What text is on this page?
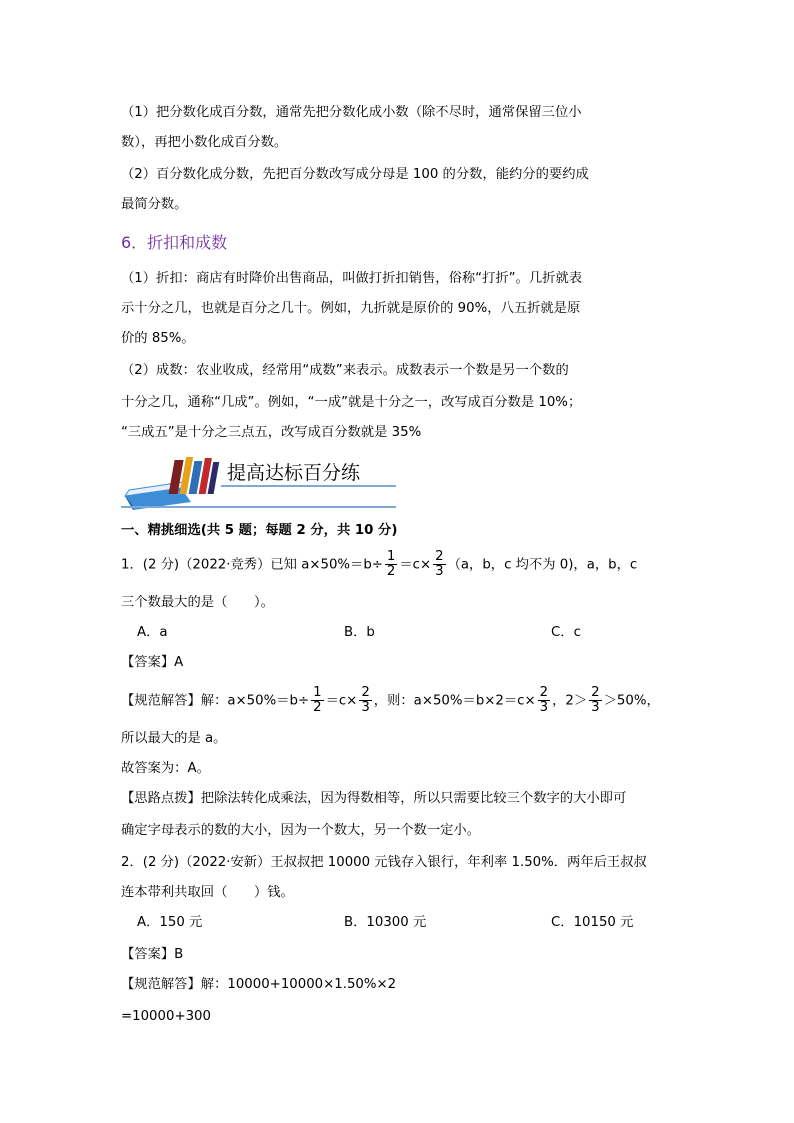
（1）把分数化成百分数，通常先把分数化成小数（除不尽时，通常保留三位小
数），再把小数化成百分数。
（2）百分数化成分数，先把百分数改写成分母是 100 的分数，能约分的要约成
最简分数。
6．折扣和成数
（1）折扣：商店有时降价出售商品，叫做打折扣销售，俗称“打折”。几折就表
示十分之几，也就是百分之几十。例如，九折就是原价的 90%，八五折就是原
价的 85%。
（2）成数：农业收成，经常用“成数”来表示。成数表示一个数是另一个数的
十分之几，通称“几成”。例如，“一成”就是十分之一，改写成百分数是 10%；
“三成五”是十分之三点五，改写成百分数就是 35%
提高达标百分练
一、精挑细选(共 5 题；每题 2 分，共 10 分)
1．(2 分)（2022·竞秀）已知 $a\times 50\%=b\div \frac{1}{2} =c\times \frac{2}{3} (a$，b，c 均不为 0)，a，b，c
三个数最大的是（　　）。
A．a	B．b	C．c
【答案】A
【规范解答】解：$a\times 50\%=b\div \frac{1}{2} =c\times \frac{2}{3}$ ，则：$a\times 50\%=b\times 2=c\times \frac{2}{3}$ ，$2> \frac{2}{3} >50\%$，
所以最大的是 a。
故答案为：A。
【思路点拨】把除法转化成乘法，因为得数相等，所以只需要比较三个数字的大小即可
确定字母表示的数的大小，因为一个数大，另一个数一定小。
2．(2 分)（2022·安新）王叔叔把 10000 元钱存入银行，年利率 1.50%．两年后王叔叔
连本带利共取回（　　）钱。
A．150 元	B．10300 元	C．10150 元
【答案】B
【规范解答】解：10000+10000×1.50%×2
=10000+300
